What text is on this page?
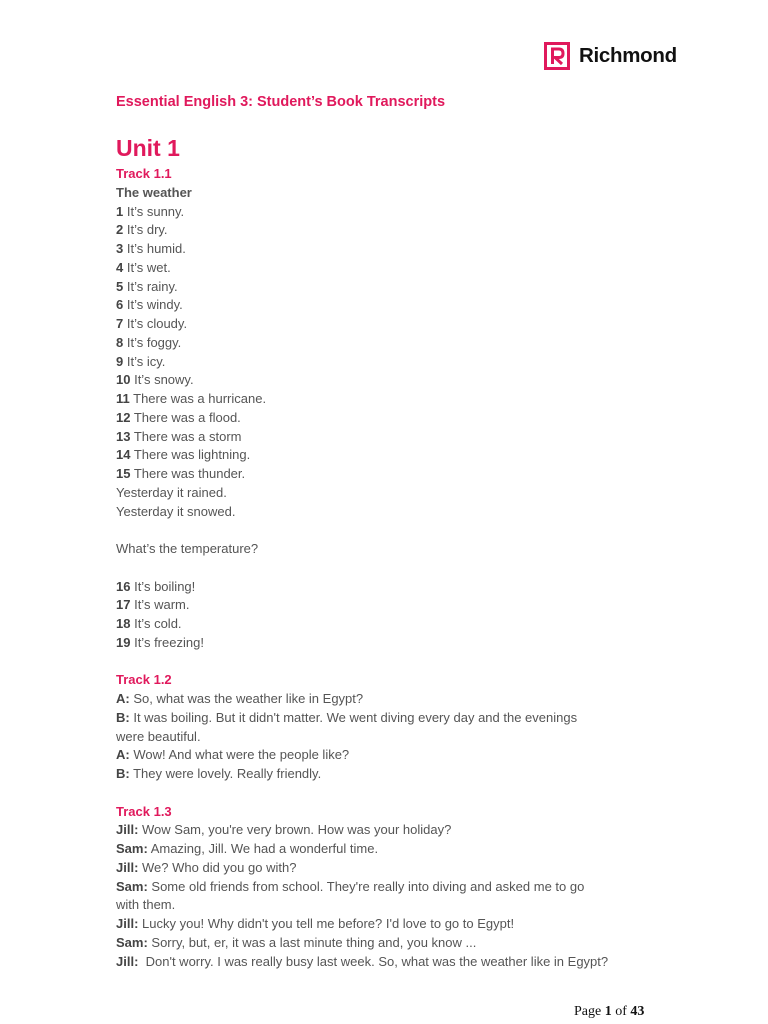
Richmond
Essential English 3: Student’s Book Transcripts
Unit 1
Track 1.1
The weather
1 It’s sunny.
2 It’s dry.
3 It’s humid.
4 It’s wet.
5 It’s rainy.
6 It’s windy.
7 It’s cloudy.
8 It’s foggy.
9 It’s icy.
10 It’s snowy.
11 There was a hurricane.
12 There was a flood.
13 There was a storm
14 There was lightning.
15 There was thunder.
Yesterday it rained.
Yesterday it snowed.
What’s the temperature?
16 It’s boiling!
17 It’s warm.
18 It’s cold.
19 It’s freezing!
Track 1.2
A: So, what was the weather like in Egypt?
B: It was boiling. But it didn't matter. We went diving every day and the evenings
were beautiful.
A: Wow! And what were the people like?
B: They were lovely. Really friendly.
Track 1.3
Jill: Wow Sam, you're very brown. How was your holiday?
Sam: Amazing, Jill. We had a wonderful time.
Jill: We? Who did you go with?
Sam: Some old friends from school. They're really into diving and asked me to go
with them.
Jill: Lucky you! Why didn't you tell me before? I'd love to go to Egypt!
Sam: Sorry, but, er, it was a last minute thing and, you know ...
Jill:  Don't worry. I was really busy last week. So, what was the weather like in Egypt?
Page 1 of 43
